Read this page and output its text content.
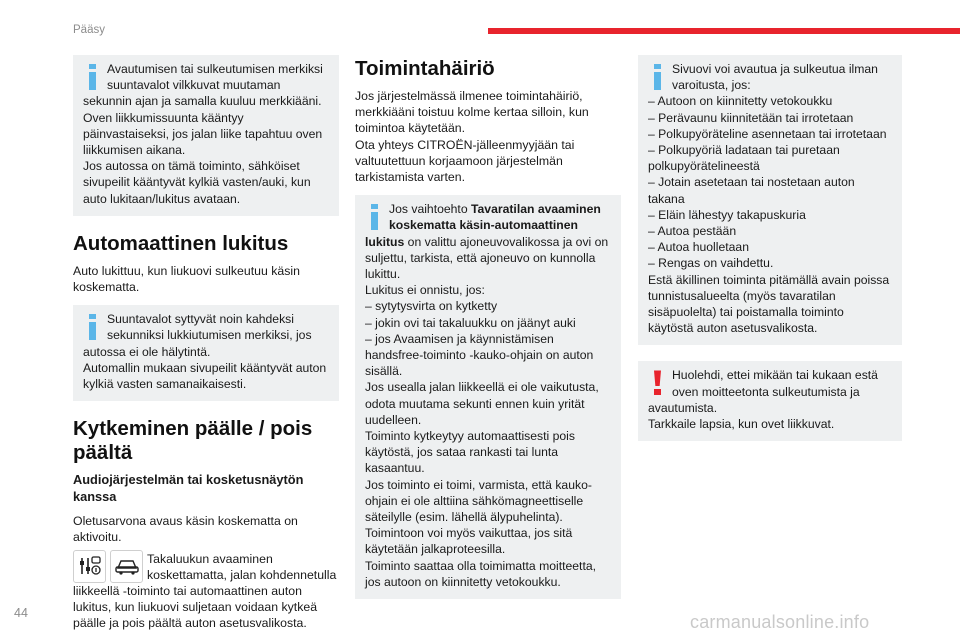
Pääsy
Avautumisen tai sulkeutumisen merkiksi suuntavalot vilkkuvat muutaman
sekunnin ajan ja samalla kuuluu merkkiääni.
Oven liikkumissuunta kääntyy
päinvastaiseksi, jos jalan liike tapahtuu oven
liikkumisen aikana.
Jos autossa on tämä toiminto, sähköiset
sivupeilit kääntyvät kylkiä vasten/auki, kun
auto lukitaan/lukitus avataan.
Automaattinen lukitus

Auto lukittuu, kun liukuovi sulkeutuu käsin koskematta.

Suuntavalot syttyvät noin kahdeksi sekunniksi lukkiutumisen merkiksi, jos
autossa ei ole hälytintä.
Automallin mukaan sivupeilit kääntyvät auton
kylkiä vasten samanaikaisesti.
Kytkeminen päälle / pois päältä
Audiojärjestelmän tai kosketusnäytön kanssa

Oletusarvona avaus käsin koskematta on aktivoitu.

Takaluukun avaaminen koskettamatta, jalan kohdennetulla
liikkeellä -toiminto tai automaattinen auton lukitus, kun liukuovi suljetaan voidaan kytkeä päälle ja pois päältä auton asetusvalikosta.
Toimintahäiriö

Jos järjestelmässä ilmenee toimintahäiriö, merkkiääni toistuu kolme kertaa silloin, kun toimintoa käytetään.

Ota yhteys CITROËN-jälleenmyyjään tai valtuutettuun korjaamoon järjestelmän tarkistamista varten.

Jos vaihtoehto Tavaratilan avaaminen koskematta käsin-automaattinen
lukitus on valittu ajoneuvovalikossa ja ovi on suljettu, tarkista, että ajoneuvo on kunnolla lukittu.
Lukitus ei onnistu, jos:
– sytytysvirta on kytketty
– jokin ovi tai takaluukku on jäänyt auki
– jos Avaamisen ja käynnistämisen handsfree-toiminto -kauko-ohjain on auton sisällä.
Jos usealla jalan liikkeellä ei ole vaikutusta, odota muutama sekunti ennen kuin yrität uudelleen.
Toiminto kytkeytyy automaattisesti pois käytöstä, jos sataa rankasti tai lunta kasaantuu.
Jos toiminto ei toimi, varmista, että kauko-ohjain ei ole alttiina sähkömagneettiselle säteilylle (esim. lähellä älypuhelinta).
Toimintoon voi myös vaikuttaa, jos sitä käytetään jalkaproteesilla.
Toiminto saattaa olla toimimatta moitteetta, jos autoon on kiinnitetty vetokoukku.
Sivuovi voi avautua ja sulkeutua ilman varoitusta, jos:
– Autoon on kiinnitetty vetokoukku
– Perävaunu kiinnitetään tai irrotetaan
– Polkupyöräteline asennetaan tai irrotetaan
– Polkupyöriä ladataan tai puretaan polkupyörätelineestä
– Jotain asetetaan tai nostetaan auton takana
– Eläin lähestyy takapuskuria
– Autoa pestään
– Autoa huolletaan
– Rengas on vaihdettu.
Estä äkillinen toiminta pitämällä avain poissa tunnistusalueelta (myös tavaratilan sisäpuolelta) tai poistamalla toiminto käytöstä auton asetusvalikosta.
Huolehdi, ettei mikään tai kukaan estä oven moitteetonta sulkeutumista ja
avautumista.
Tarkkaile lapsia, kun ovet liikkuvat.
44	carmanualsonline.info
